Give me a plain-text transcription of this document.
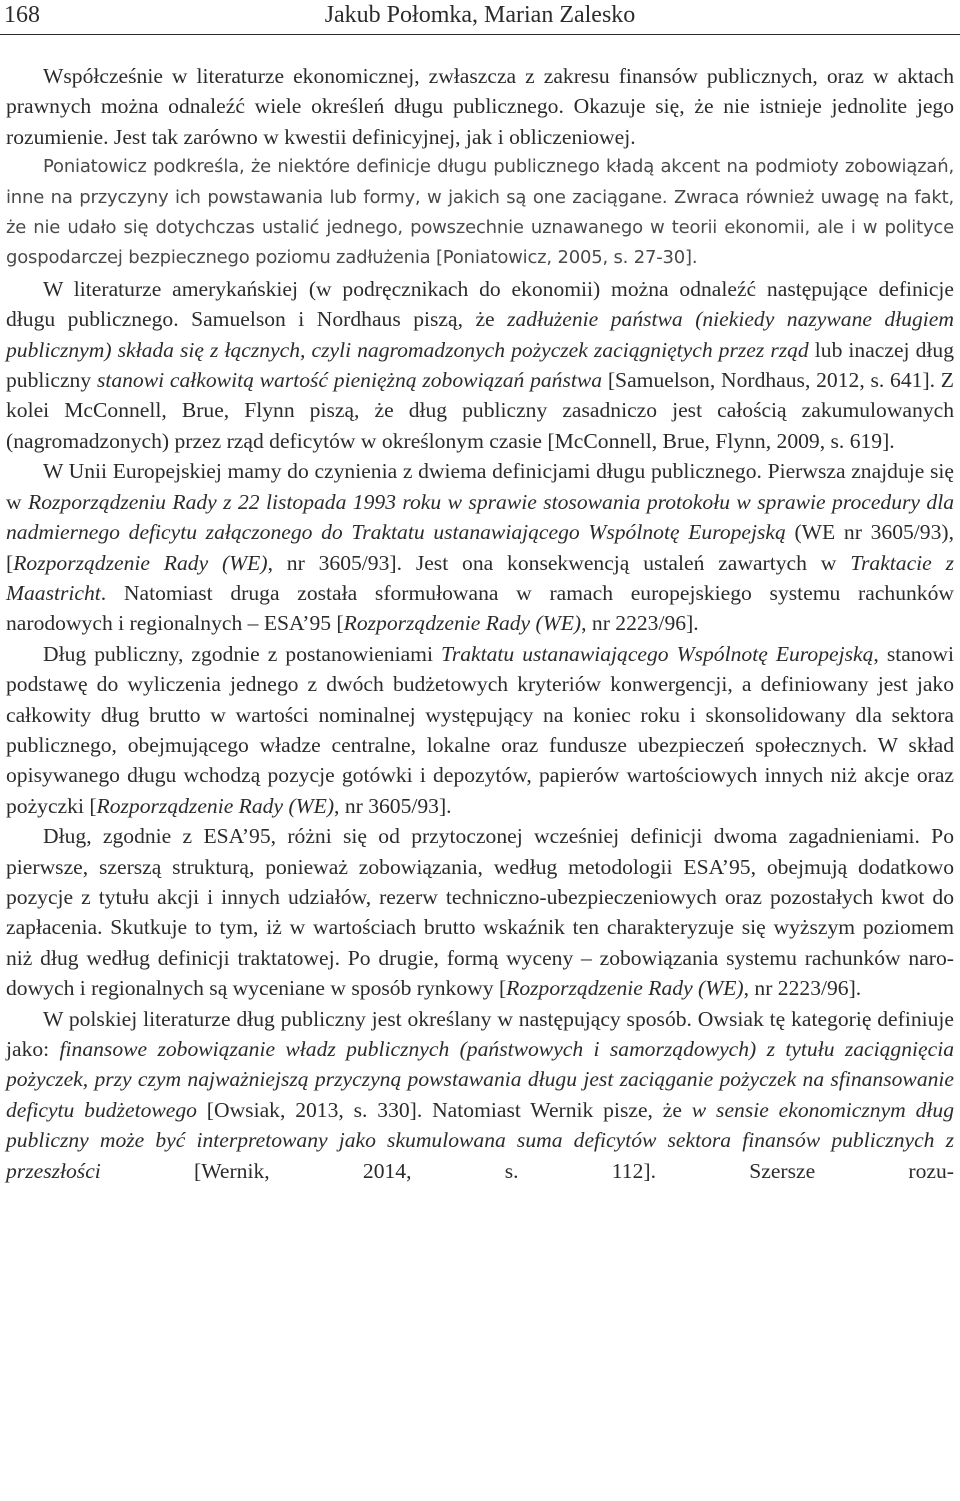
168	Jakub Połomka, Marian Zalesko

Współcześnie w literaturze ekonomicznej, zwłaszcza z zakresu finansów publicznych, oraz w aktach prawnych można odnaleźć wiele określeń długu publicznego. Okazuje się, że nie istnieje jednolite jego rozumienie. Jest tak zarówno w kwestii definicyjnej, jak i obliczeniowej.

Poniatowicz podkreśla, że niektóre definicje długu publicznego kładą akcent na podmioty zobowiązań, inne na przyczyny ich powstawania lub formy, w jakich są one zaciągane. Zwraca również uwagę na fakt, że nie udało się dotychczas ustalić jednego, powszechnie uznawanego w teorii ekonomii, ale i w polityce gospodarczej bezpiecznego poziomu zadłużenia [Poniatowicz, 2005, s. 27-30].

W literaturze amerykańskiej (w podręcznikach do ekonomii) można odnaleźć następujące definicje długu publicznego. Samuelson i Nordhaus piszą, że zadłużenie państwa (niekiedy nazywane długiem publicznym) składa się z łącznych, czyli nagromadzonych pożyczek zaciągniętych przez rząd lub inaczej dług publiczny stanowi całkowitą wartość pieniężną zobowiązań państwa [Samuelson, Nordhaus, 2012, s. 641]. Z kolei McConnell, Brue, Flynn piszą, że dług publiczny zasadniczo jest całością zakumulowanych (nagromadzonych) przez rząd deficytów w określonym czasie [McConnell, Brue, Flynn, 2009, s. 619].

W Unii Europejskiej mamy do czynienia z dwiema definicjami długu publicznego. Pierwsza znajduje się w Rozporządzeniu Rady z 22 listopada 1993 roku w sprawie stosowania protokołu w sprawie procedury dla nadmiernego deficytu załączonego do Traktatu ustanawiającego Wspólnotę Europejską (WE nr 3605/93), [Rozporządzenie Rady (WE), nr 3605/93]. Jest ona konsekwencją ustaleń zawartych w Traktacie z Maastricht. Natomiast druga została sformułowana w ramach europejskiego systemu rachunków narodowych i regionalnych – ESA’95 [Rozporządzenie Rady (WE), nr 2223/96].

Dług publiczny, zgodnie z postanowieniami Traktatu ustanawiającego Wspólnotę Europejską, stanowi podstawę do wyliczenia jednego z dwóch budżetowych kryteriów konwergencji, a definiowany jest jako całkowity dług brutto w wartości nominalnej występujący na koniec roku i skonsolidowany dla sektora publicznego, obejmującego władze centralne, lokalne oraz fundusze ubezpieczeń społecznych. W skład opisywanego długu wchodzą pozycje gotówki i depozytów, papierów wartościowych innych niż akcje oraz pożyczki [Rozporządzenie Rady (WE), nr 3605/93].

Dług, zgodnie z ESA’95, różni się od przytoczonej wcześniej definicji dwoma zagadnieniami. Po pierwsze, szerszą strukturą, ponieważ zobowiązania, według metodologii ESA’95, obejmują dodatkowo pozycje z tytułu akcji i innych udziałów, rezerw techniczno-ubezpieczeniowych oraz pozostałych kwot do zapłacenia. Skutkuje to tym, iż w wartościach brutto wskaźnik ten charakteryzuje się wyższym poziomem niż dług według definicji traktatowej. Po drugie, formą wyceny – zobowiązania systemu rachunków narodowych i regionalnych są wyceniane w sposób rynkowy [Rozporządzenie Rady (WE), nr 2223/96].

W polskiej literaturze dług publiczny jest określany w następujący sposób. Owsiak tę kategorię definiuje jako: finansowe zobowiązanie władz publicznych (państwowych i samorządowych) z tytułu zaciągnięcia pożyczek, przy czym najważniejszą przyczyną powstawania długu jest zaciąganie pożyczek na sfinansowanie deficytu budżetowego [Owsiak, 2013, s. 330]. Natomiast Wernik pisze, że w sensie ekonomicznym dług publiczny może być interpretowany jako skumulowana suma deficytów sektora finansów publicznych z przeszłości [Wernik, 2014, s. 112]. Szersze rozu-
